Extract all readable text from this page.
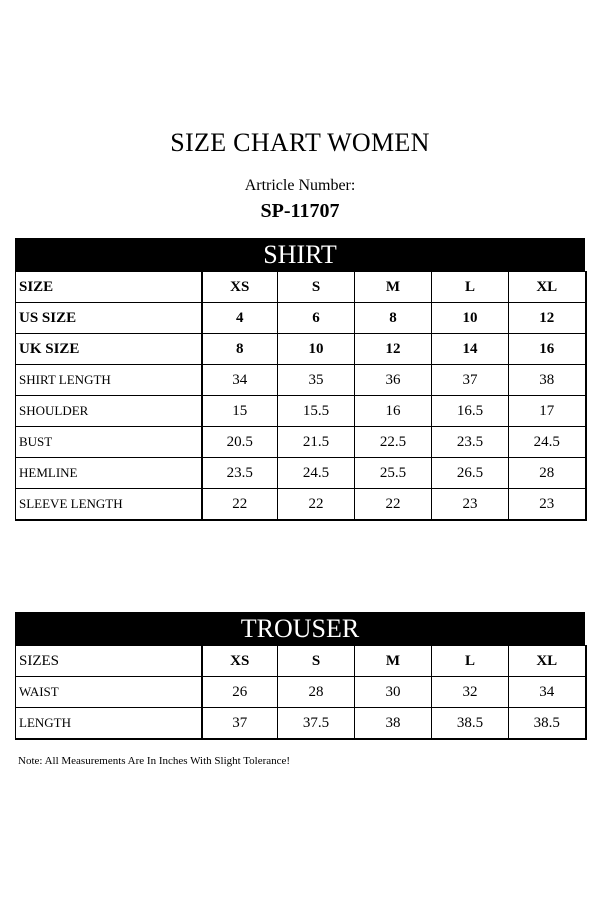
SIZE CHART WOMEN
Artricle Number:
SP-11707
SHIRT
SIZE	XS	S	M	L	XL
US SIZE	4	6	8	10	12
UK SIZE	8	10	12	14	16
SHIRT LENGTH	34	35	36	37	38
SHOULDER	15	15.5	16	16.5	17
BUST	20.5	21.5	22.5	23.5	24.5
HEMLINE	23.5	24.5	25.5	26.5	28
SLEEVE LENGTH	22	22	22	23	23
TROUSER
SIZES	XS	S	M	L	XL
WAIST	26	28	30	32	34
LENGTH	37	37.5	38	38.5	38.5
Note: All Measurements Are In Inches With Slight Tolerance!
